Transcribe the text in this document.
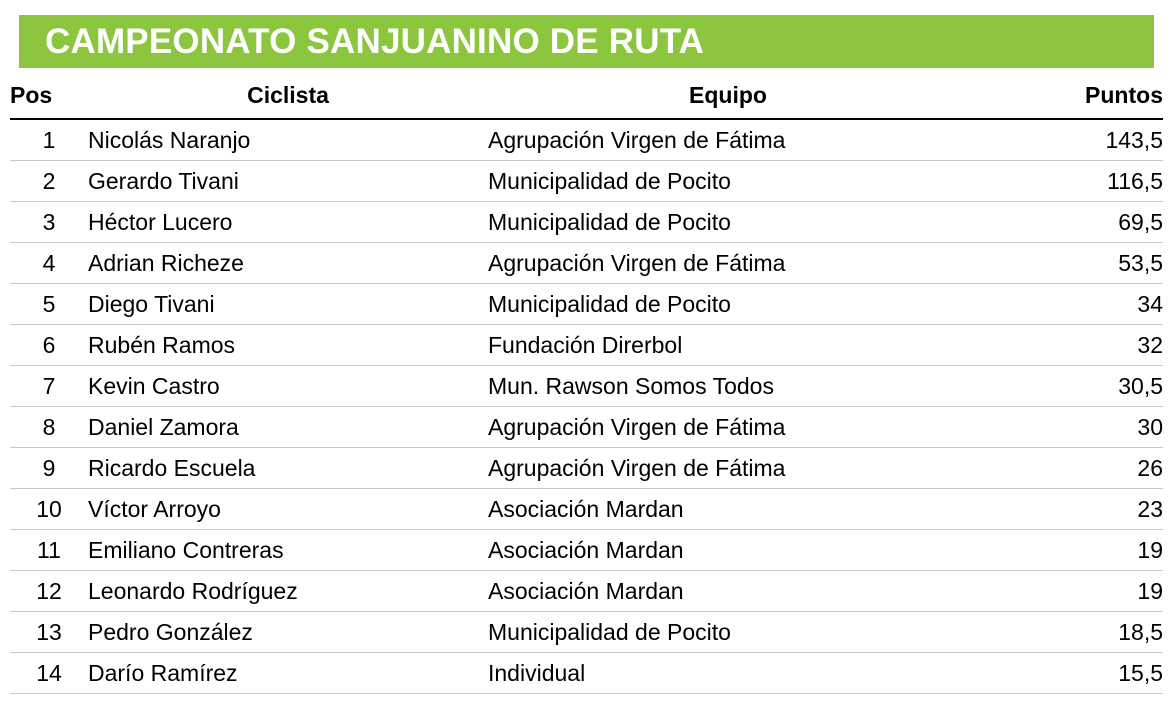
CAMPEONATO SANJUANINO DE RUTA
Pos	Ciclista	Equipo	Puntos
1	Nicolás Naranjo	Agrupación Virgen de Fátima	143,5
2	Gerardo Tivani	Municipalidad de Pocito	116,5
3	Héctor Lucero	Municipalidad de Pocito	69,5
4	Adrian Richeze	Agrupación Virgen de Fátima	53,5
5	Diego Tivani	Municipalidad de Pocito	34
6	Rubén Ramos	Fundación Direrbol	32
7	Kevin Castro	Mun. Rawson Somos Todos	30,5
8	Daniel Zamora	Agrupación Virgen de Fátima	30
9	Ricardo Escuela	Agrupación Virgen de Fátima	26
10	Víctor Arroyo	Asociación Mardan	23
11	Emiliano Contreras	Asociación Mardan	19
12	Leonardo Rodríguez	Asociación Mardan	19
13	Pedro González	Municipalidad de Pocito	18,5
14	Darío Ramírez	Individual	15,5
